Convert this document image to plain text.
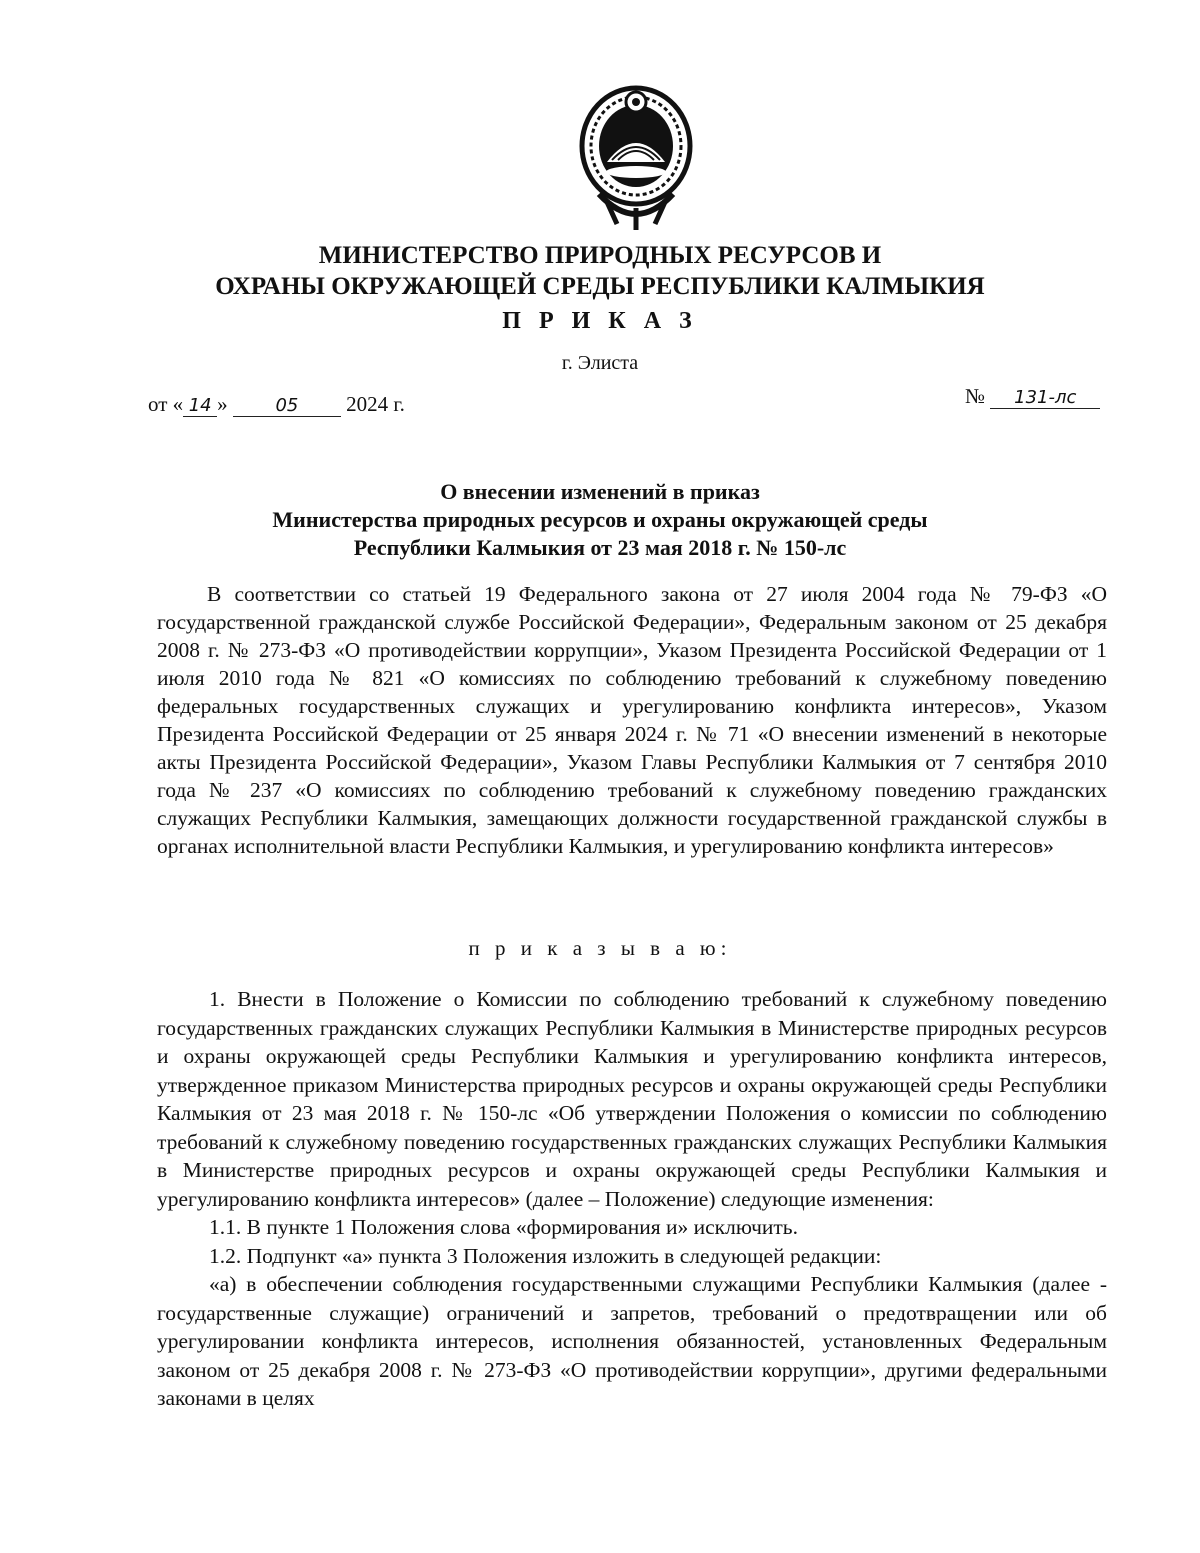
МИНИСТЕРСТВО ПРИРОДНЫХ РЕСУРСОВ И
ОХРАНЫ ОКРУЖАЮЩЕЙ СРЕДЫ РЕСПУБЛИКИ КАЛМЫКИЯ
П Р И К А З
г. Элиста
от « 14 »	05 2024 г.	№ 131-лс
О внесении изменений в приказ
Министерства природных ресурсов и охраны окружающей среды
Республики Калмыкия от 23 мая 2018 г. № 150-лс

В соответствии со статьей 19 Федерального закона от 27 июля 2004 года № 79-ФЗ «О государственной гражданской службе Российской Федерации», Федеральным законом от 25 декабря 2008 г. № 273-ФЗ «О противодействии коррупции», Указом Президента Российской Федерации от 1 июля 2010 года № 821 «О комиссиях по соблюдению требований к служебному поведению федеральных государственных служащих и урегулированию конфликта интересов», Указом Президента Российской Федерации от 25 января 2024 г. № 71 «О внесении изменений в некоторые акты Президента Российской Федерации», Указом Главы Республики Калмыкия от 7 сентября 2010 года № 237 «О комиссиях по соблюдению требований к служебному поведению гражданских служащих Республики Калмыкия, замещающих должности государственной гражданской службы в органах исполнительной власти Республики Калмыкия, и урегулированию конфликта интересов»

п р и к а з ы в а ю:

1. Внести в Положение о Комиссии по соблюдению требований к служебному поведению государственных гражданских служащих Республики Калмыкия в Министерстве природных ресурсов и охраны окружающей среды Республики Калмыкия и урегулированию конфликта интересов, утвержденное приказом Министерства природных ресурсов и охраны окружающей среды Республики Калмыкия от 23 мая 2018 г. № 150-лс «Об утверждении Положения о комиссии по соблюдению требований к служебному поведению государственных гражданских служащих Республики Калмыкия в Министерстве природных ресурсов и охраны окружающей среды Республики Калмыкия и урегулированию конфликта интересов» (далее – Положение) следующие изменения:

1.1. В пункте 1 Положения слова «формирования и» исключить.

1.2. Подпункт «а» пункта 3 Положения изложить в следующей редакции:

«а) в обеспечении соблюдения государственными служащими Республики Калмыкия (далее - государственные служащие) ограничений и запретов, требований о предотвращении или об урегулировании конфликта интересов, исполнения обязанностей, установленных Федеральным законом от 25 декабря 2008 г. № 273-ФЗ «О противодействии коррупции», другими федеральными законами в целях
